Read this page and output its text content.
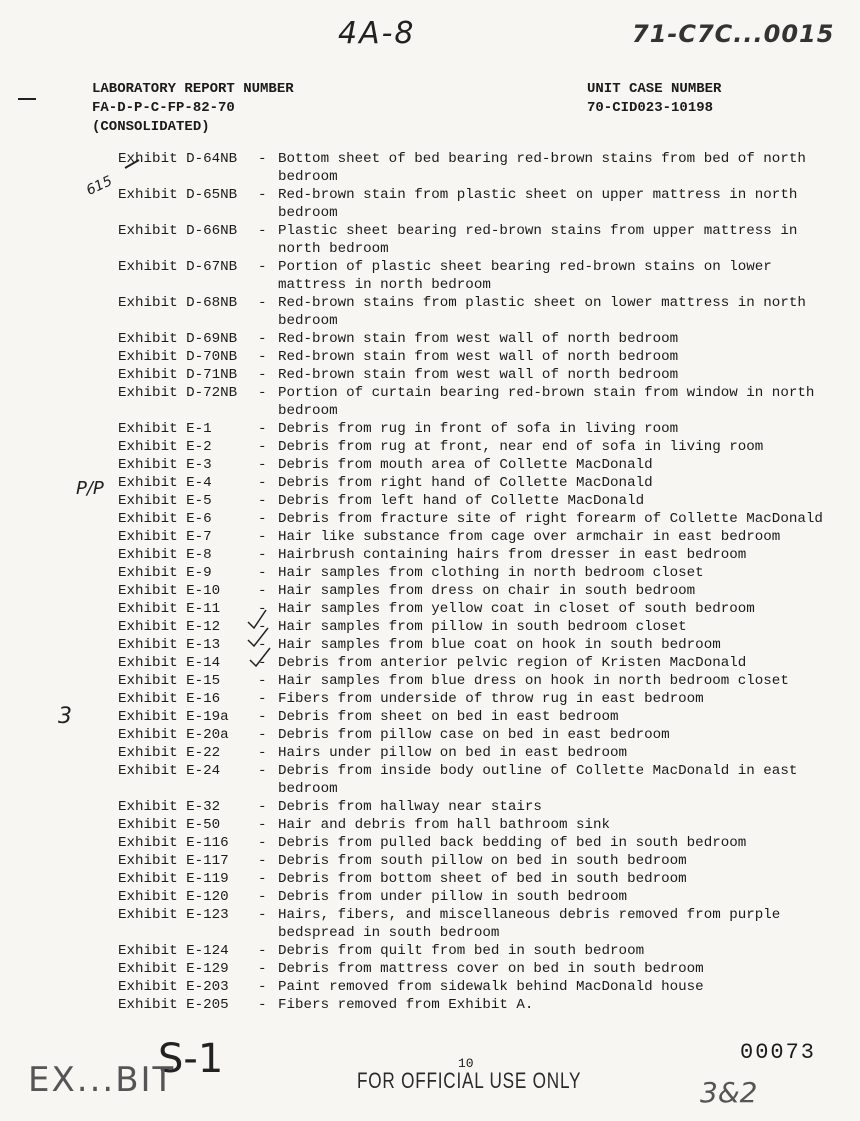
4A-8	71-C7C...0015
615
P/P
3
S-1
EX...BIT	3&2
LABORATORY REPORT NUMBER
FA-D-P-C-FP-82-70
(CONSOLIDATED)
UNIT CASE NUMBER
70-CID023-10198
Exhibit D-64NB	- Bottom sheet of bed bearing red-brown stains from bed of north bedroom
Exhibit D-65NB	- Red-brown stain from plastic sheet on upper mattress in north bedroom
Exhibit D-66NB	- Plastic sheet bearing red-brown stains from upper mattress in north bedroom
Exhibit D-67NB	- Portion of plastic sheet bearing red-brown stains on lower mattress in north bedroom
Exhibit D-68NB	- Red-brown stains from plastic sheet on lower mattress in north bedroom
Exhibit D-69NB	- Red-brown stain from west wall of north bedroom
Exhibit D-70NB	- Red-brown stain from west wall of north bedroom
Exhibit D-71NB	- Red-brown stain from west wall of north bedroom
Exhibit D-72NB	- Portion of curtain bearing red-brown stain from window in north bedroom
Exhibit E-1	- Debris from rug in front of sofa in living room
Exhibit E-2	- Debris from rug at front, near end of sofa in living room
Exhibit E-3	- Debris from mouth area of Collette MacDonald
Exhibit E-4	- Debris from right hand of Collette MacDonald
Exhibit E-5	- Debris from left hand of Collette MacDonald
Exhibit E-6	- Debris from fracture site of right forearm of Collette MacDonald
Exhibit E-7	- Hair like substance from cage over armchair in east bedroom
Exhibit E-8	- Hairbrush containing hairs from dresser in east bedroom
Exhibit E-9	- Hair samples from clothing in north bedroom closet
Exhibit E-10	- Hair samples from dress on chair in south bedroom
Exhibit E-11	- Hair samples from yellow coat in closet of south bedroom
Exhibit E-12	- Hair samples from pillow in south bedroom closet
Exhibit E-13	- Hair samples from blue coat on hook in south bedroom
Exhibit E-14	- Debris from anterior pelvic region of Kristen MacDonald
Exhibit E-15	- Hair samples from blue dress on hook in north bedroom closet
Exhibit E-16	- Fibers from underside of throw rug in east bedroom
Exhibit E-19a	- Debris from sheet on bed in east bedroom
Exhibit E-20a	- Debris from pillow case on bed in east bedroom
Exhibit E-22	- Hairs under pillow on bed in east bedroom
Exhibit E-24	- Debris from inside body outline of Collette MacDonald in east bedroom
Exhibit E-32	- Debris from hallway near stairs
Exhibit E-50	- Hair and debris from hall bathroom sink
Exhibit E-116	- Debris from pulled back bedding of bed in south bedroom
Exhibit E-117	- Debris from south pillow on bed in south bedroom
Exhibit E-119	- Debris from bottom sheet of bed in south bedroom
Exhibit E-120	- Debris from under pillow in south bedroom
Exhibit E-123	- Hairs, fibers, and miscellaneous debris removed from purple bedspread in south bedroom
Exhibit E-124	- Debris from quilt from bed in south bedroom
Exhibit E-129	- Debris from mattress cover on bed in south bedroom
Exhibit E-203	- Paint removed from sidewalk behind MacDonald house
Exhibit E-205	- Fibers removed from Exhibit A.
00073
10
FOR OFFICIAL USE ONLY
